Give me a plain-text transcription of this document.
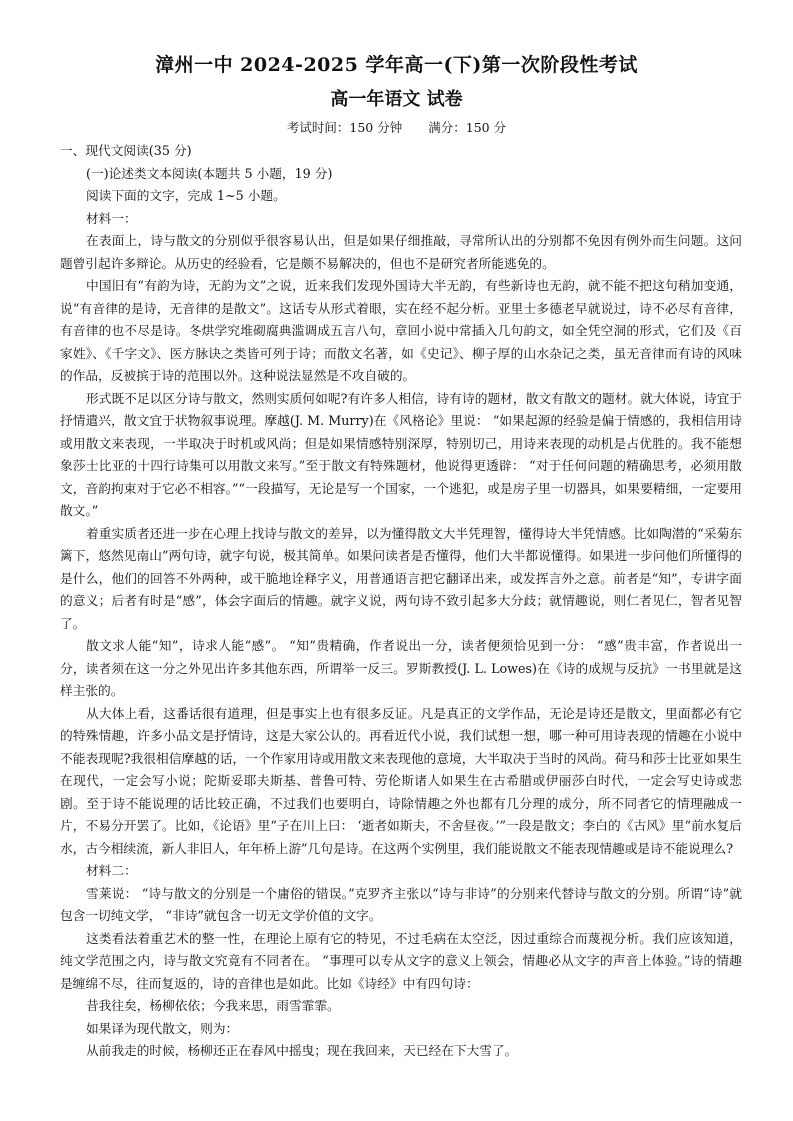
漳州一中 2024-2025 学年高一(下)第一次阶段性考试
高一年语文 试卷
考试时间：150 分钟 满分：150 分

一、现代文阅读(35 分)

(一)论述类文本阅读(本题共 5 小题，19 分)

阅读下面的文字，完成 1~5 小题。

材料一：

在表面上，诗与散文的分别似乎很容易认出，但是如果仔细推敲，寻常所认出的分别都不免因有例外而生问题。这问题曾引起许多辩论。从历史的经验看，它是颇不易解决的，但也不是研究者所能逃免的。

中国旧有“有韵为诗，无韵为文”之说，近来我们发现外国诗大半无韵，有些新诗也无韵，就不能不把这句稍加变通，说“有音律的是诗，无音律的是散文”。这话专从形式着眼，实在经不起分析。亚里士多德老早就说过，诗不必尽有音律，有音律的也不尽是诗。冬烘学究堆砌腐典滥调成五言八句，章回小说中常插入几句韵文，如全凭空洞的形式，它们及《百家姓》、《千字文》、医方脉诀之类皆可列于诗；而散文名著，如《史记》、柳子厚的山水杂记之类，虽无音律而有诗的风味的作品，反被摈于诗的范围以外。这种说法显然是不攻自破的。

形式既不足以区分诗与散文，然则实质何如呢?有许多人相信，诗有诗的题材，散文有散文的题材。就大体说，诗宜于抒情遣兴，散文宜于状物叙事说理。摩越(J. M. Murry)在《风格论》里说： “如果起源的经验是偏于情感的，我相信用诗或用散文来表现，一半取决于时机或风尚；但是如果情感特别深厚，特别切己，用诗来表现的动机是占优胜的。我不能想象莎士比亚的十四行诗集可以用散文来写。”至于散文有特殊题材，他说得更透辟： “对于任何问题的精确思考，必须用散文，音韵拘束对于它必不相容。”“一段描写，无论是写一个国家，一个逃犯，或是房子里一切器具，如果要精细，一定要用散文。”

着重实质者还进一步在心理上找诗与散文的差异，以为懂得散文大半凭理智，懂得诗大半凭情感。比如陶潜的“采菊东篱下，悠然见南山”两句诗，就字句说，极其简单。如果问读者是否懂得，他们大半都说懂得。如果进一步问他们所懂得的是什么，他们的回答不外两种，或干脆地诠释字义，用普通语言把它翻译出来，或发挥言外之意。前者是“知”，专讲字面的意义；后者有时是“感”，体会字面后的情趣。就字义说，两句诗不致引起多大分歧；就情趣说，则仁者见仁，智者见智了。

散文求人能“知”，诗求人能“感”。 “知”贵精确，作者说出一分，读者便须恰见到一分： “感”贵丰富，作者说出一分，读者须在这一分之外见出许多其他东西，所谓举一反三。罗斯教授(J. L. Lowes)在《诗的成规与反抗》一书里就是这样主张的。

从大体上看，这番话很有道理，但是事实上也有很多反证。凡是真正的文学作品，无论是诗还是散文，里面都必有它的特殊情趣，许多小品文是抒情诗，这是大家公认的。再看近代小说，我们试想一想，哪一种可用诗表现的情趣在小说中不能表现呢?我很相信摩越的话，一个作家用诗或用散文来表现他的意境，大半取决于当时的风尚。荷马和莎士比亚如果生在现代，一定会写小说；陀斯妥耶夫斯基、普鲁可特、劳伦斯诸人如果生在古希腊或伊丽莎白时代，一定会写史诗或悲剧。至于诗不能说理的话比较正确，不过我们也要明白，诗除情趣之外也都有几分理的成分，所不同者它的情理融成一片，不易分开罢了。比如，《论语》里“子在川上曰： ‘逝者如斯夫，不舍昼夜。’”一段是散文；李白的《古风》里“前水复后水，古今相续流，新人非旧人，年年桥上游”几句是诗。在这两个实例里，我们能说散文不能表现情趣或是诗不能说理么?

材料二：

雪莱说： “诗与散文的分别是一个庸俗的错误。”克罗齐主张以“诗与非诗”的分别来代替诗与散文的分别。所谓“诗”就包含一切纯文学， “非诗”就包含一切无文学价值的文字。

这类看法着重艺术的整一性，在理论上原有它的特见，不过毛病在太空泛，因过重综合而蔑视分析。我们应该知道，纯文学范围之内，诗与散文究竟有不同者在。 “事理可以专从文字的意义上领会，情趣必从文字的声音上体验。”诗的情趣是缠绵不尽，往而复返的，诗的音律也是如此。比如《诗经》中有四句诗：

昔我往矣，杨柳依依；今我来思，雨雪霏霏。

如果译为现代散文，则为：

从前我走的时候，杨柳还正在春风中摇曳；现在我回来，天已经在下大雪了。
